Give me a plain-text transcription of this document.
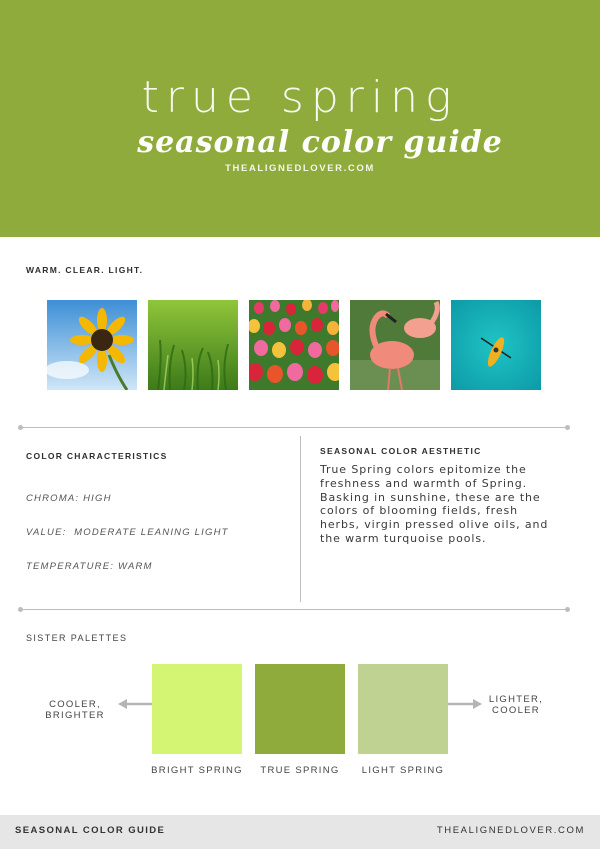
true spring
seasonal color guide
THEALIGNEDLOVER.COM
WARM. CLEAR. LIGHT.
COLOR CHARACTERISTICS
CHROMA: HIGH
VALUE:  MODERATE LEANING LIGHT
TEMPERATURE: WARM
SEASONAL COLOR AESTHETIC
True Spring colors epitomize the freshness and warmth of Spring. Basking in sunshine, these are the colors of blooming fields, fresh herbs, virgin pressed olive oils, and the warm turquoise pools.
SISTER PALETTES
COOLER,
BRIGHTER
LIGHTER,
COOLER
BRIGHT SPRING	TRUE SPRING	LIGHT SPRING
SEASONAL COLOR GUIDE	THEALIGNEDLOVER.COM
